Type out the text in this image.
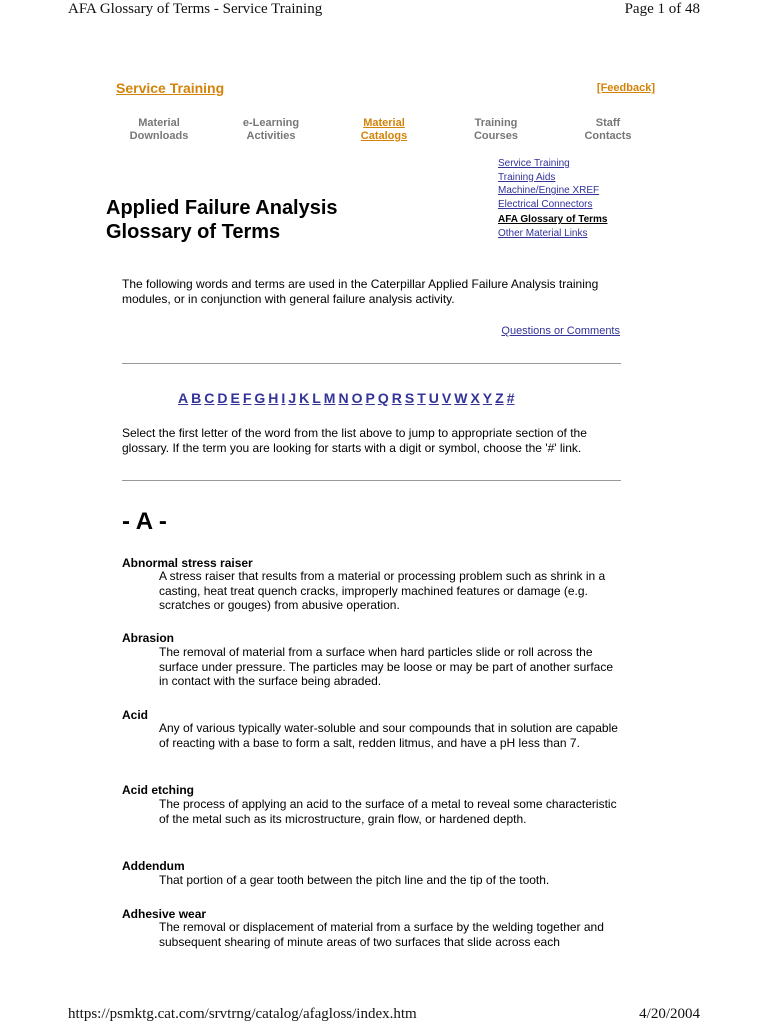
AFA Glossary of Terms - Service Training	Page 1 of 48
Service Training	[Feedback]
Material
Downloads
e-Learning
Activities
Material
Catalogs
Training
Courses
Staff
Contacts
Service Training
Training Aids
Machine/Engine XREF
Electrical Connectors
AFA Glossary of Terms
Other Material Links
Applied Failure Analysis
Glossary of Terms
The following words and terms are used in the Caterpillar Applied Failure Analysis training modules, or in conjunction with general failure analysis activity.
Questions or Comments
A B C D E F G H I J K L M N O P Q R S T U V W X Y Z #
Select the first letter of the word from the list above to jump to appropriate section of the glossary. If the term you are looking for starts with a digit or symbol, choose the '#' link.
- A -
Abnormal stress raiser
A stress raiser that results from a material or processing problem such as shrink in a casting, heat treat quench cracks, improperly machined features or damage (e.g. scratches or gouges) from abusive operation.
Abrasion
The removal of material from a surface when hard particles slide or roll across the surface under pressure. The particles may be loose or may be part of another surface in contact with the surface being abraded.
Acid
Any of various typically water-soluble and sour compounds that in solution are capable of reacting with a base to form a salt, redden litmus, and have a pH less than 7.
Acid etching
The process of applying an acid to the surface of a metal to reveal some characteristic of the metal such as its microstructure, grain flow, or hardened depth.
Addendum
That portion of a gear tooth between the pitch line and the tip of the tooth.
Adhesive wear
The removal or displacement of material from a surface by the welding together and subsequent shearing of minute areas of two surfaces that slide across each
https://psmktg.cat.com/srvtrng/catalog/afagloss/index.htm	4/20/2004
